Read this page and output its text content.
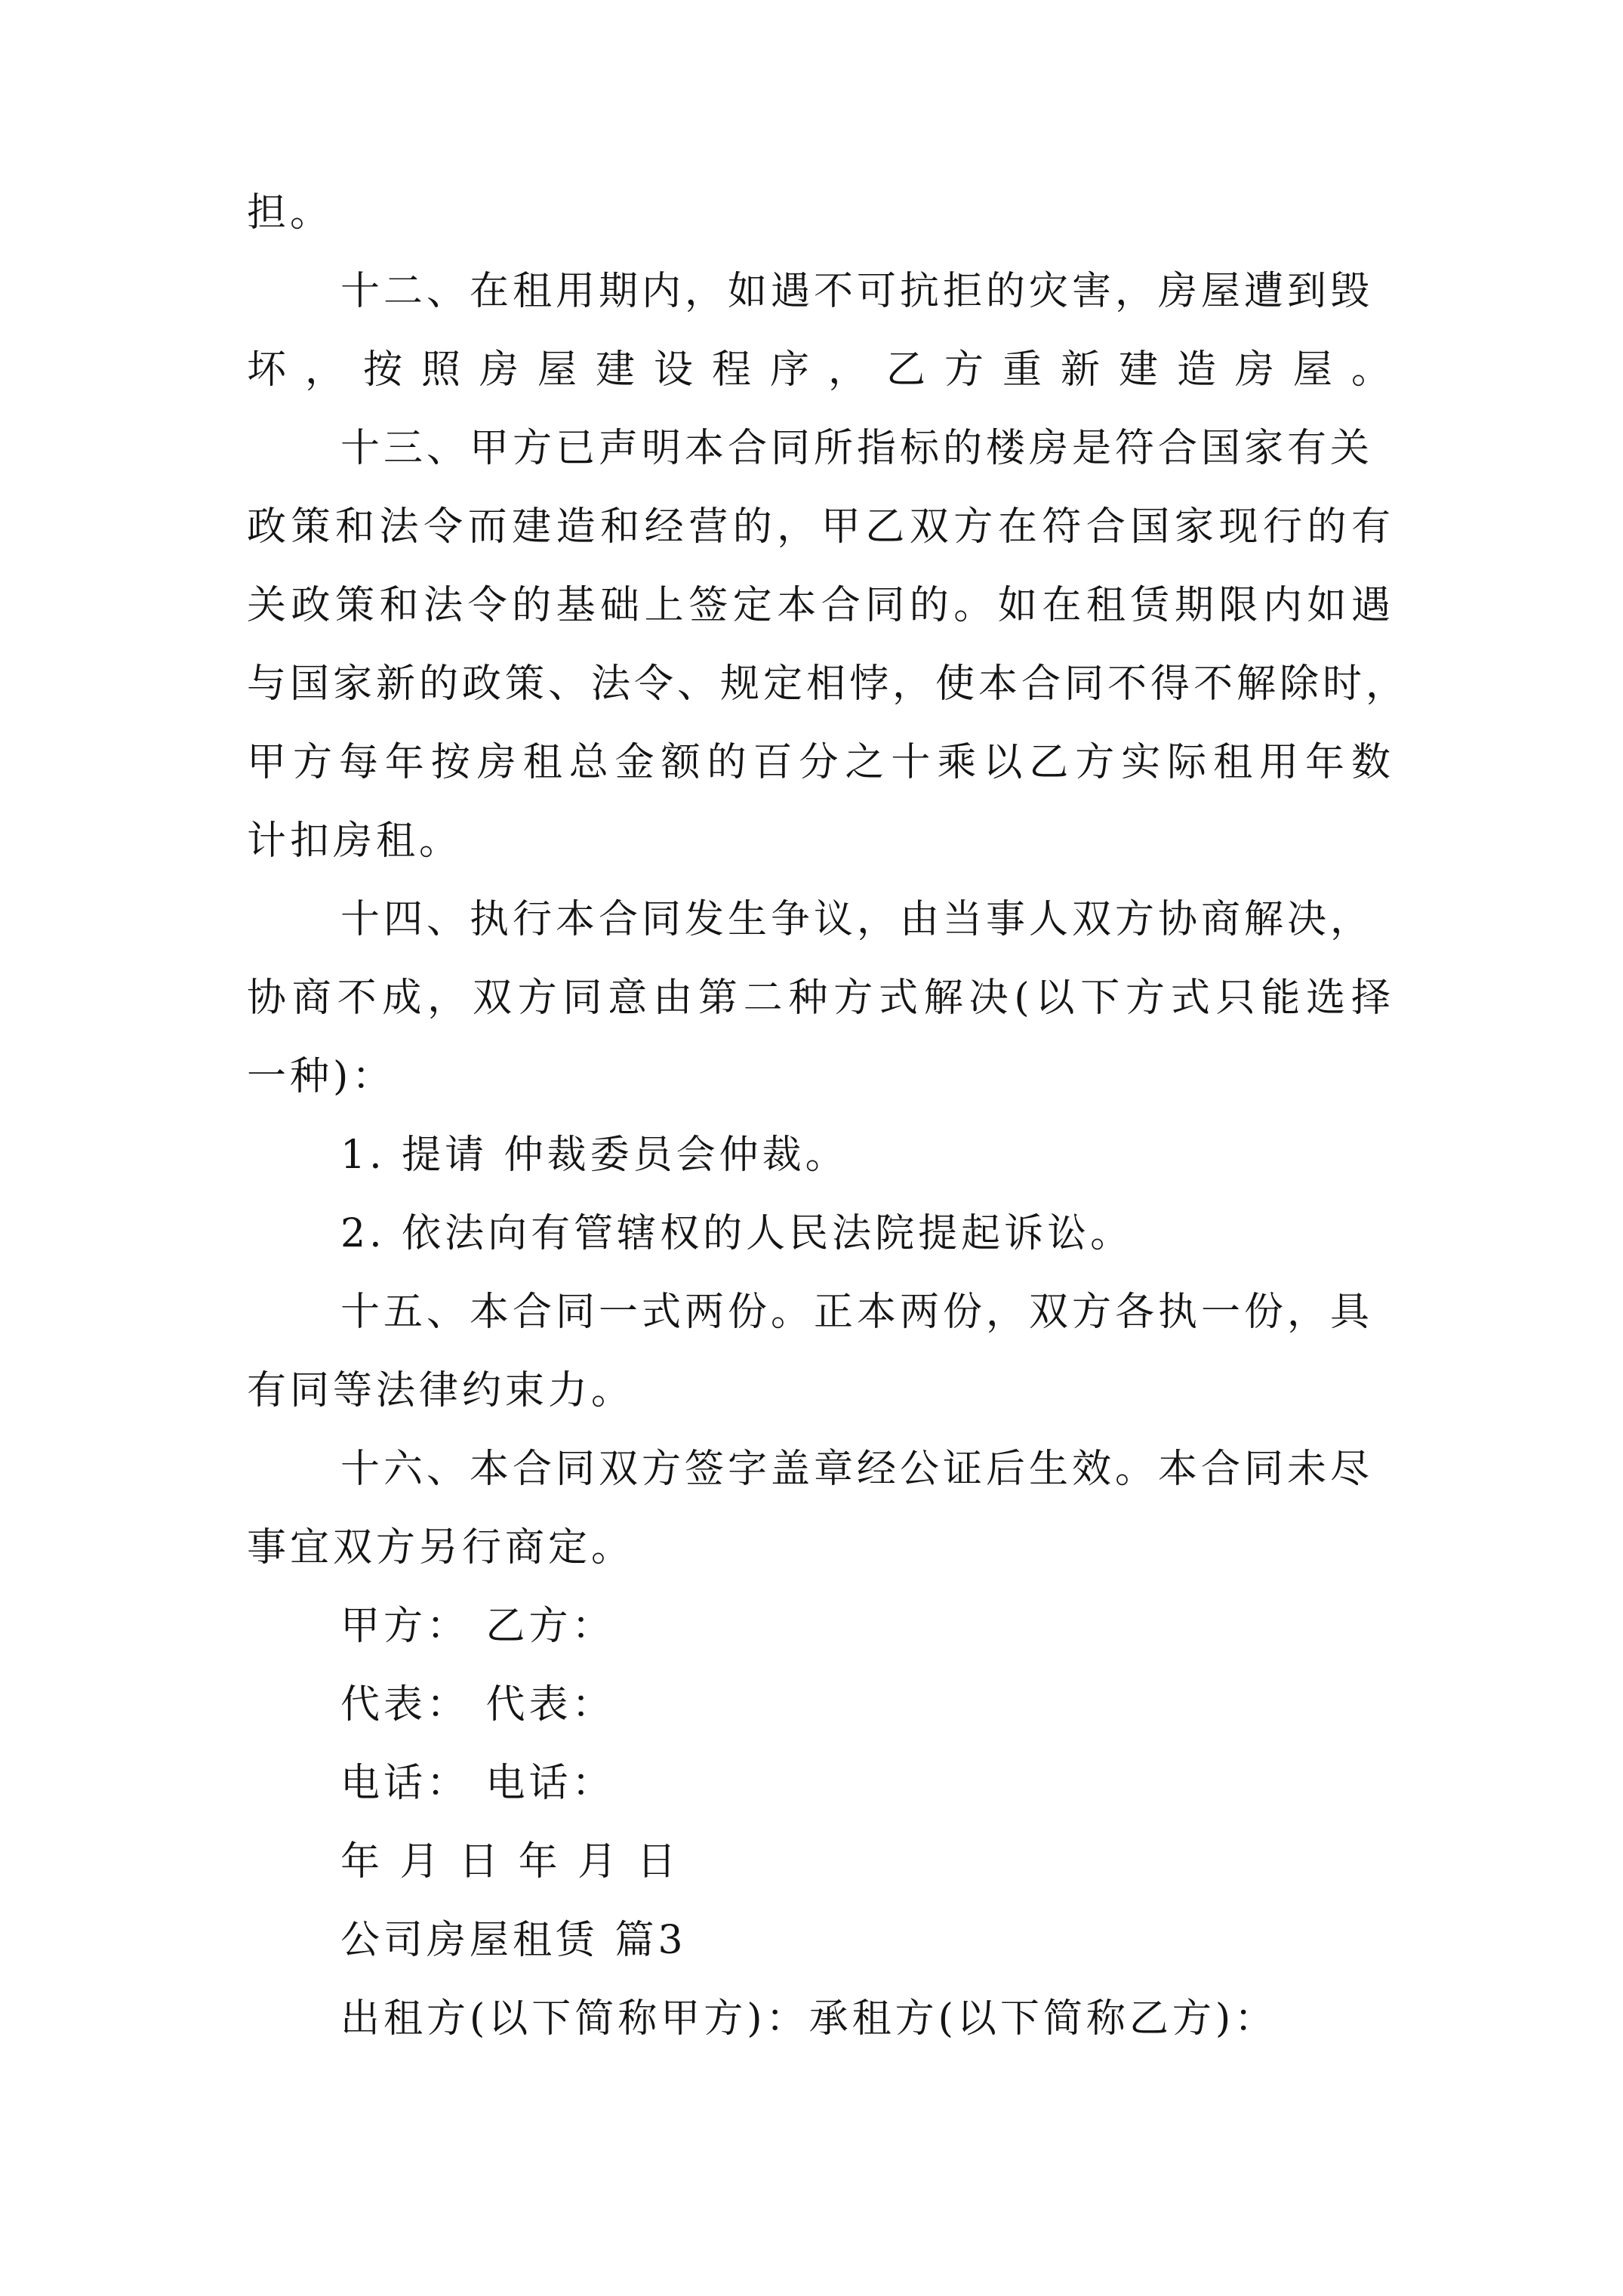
担。
十二、在租用期内，如遇不可抗拒的灾害，房屋遭到毁
坏，按照房屋建设程序，乙方重新建造房屋。
十三、甲方已声明本合同所指标的楼房是符合国家有关
政策和法令而建造和经营的，甲乙双方在符合国家现行的有
关政策和法令的基础上签定本合同的。如在租赁期限内如遇
与国家新的政策、法令、规定相悖，使本合同不得不解除时，
甲方每年按房租总金额的百分之十乘以乙方实际租用年数
计扣房租。
十四、执行本合同发生争议，由当事人双方协商解决，
协商不成，双方同意由第二种方式解决(以下方式只能选择
一种)：
1. 提请 仲裁委员会仲裁。
2. 依法向有管辖权的人民法院提起诉讼。
十五、本合同一式两份。正本两份，双方各执一份，具
有同等法律约束力。
十六、本合同双方签字盖章经公证后生效。本合同未尽
事宜双方另行商定。
甲方： 乙方：
代表： 代表：
电话： 电话：
年 月 日 年 月 日
公司房屋租赁 篇3
出租方(以下简称甲方)：承租方(以下简称乙方)：
